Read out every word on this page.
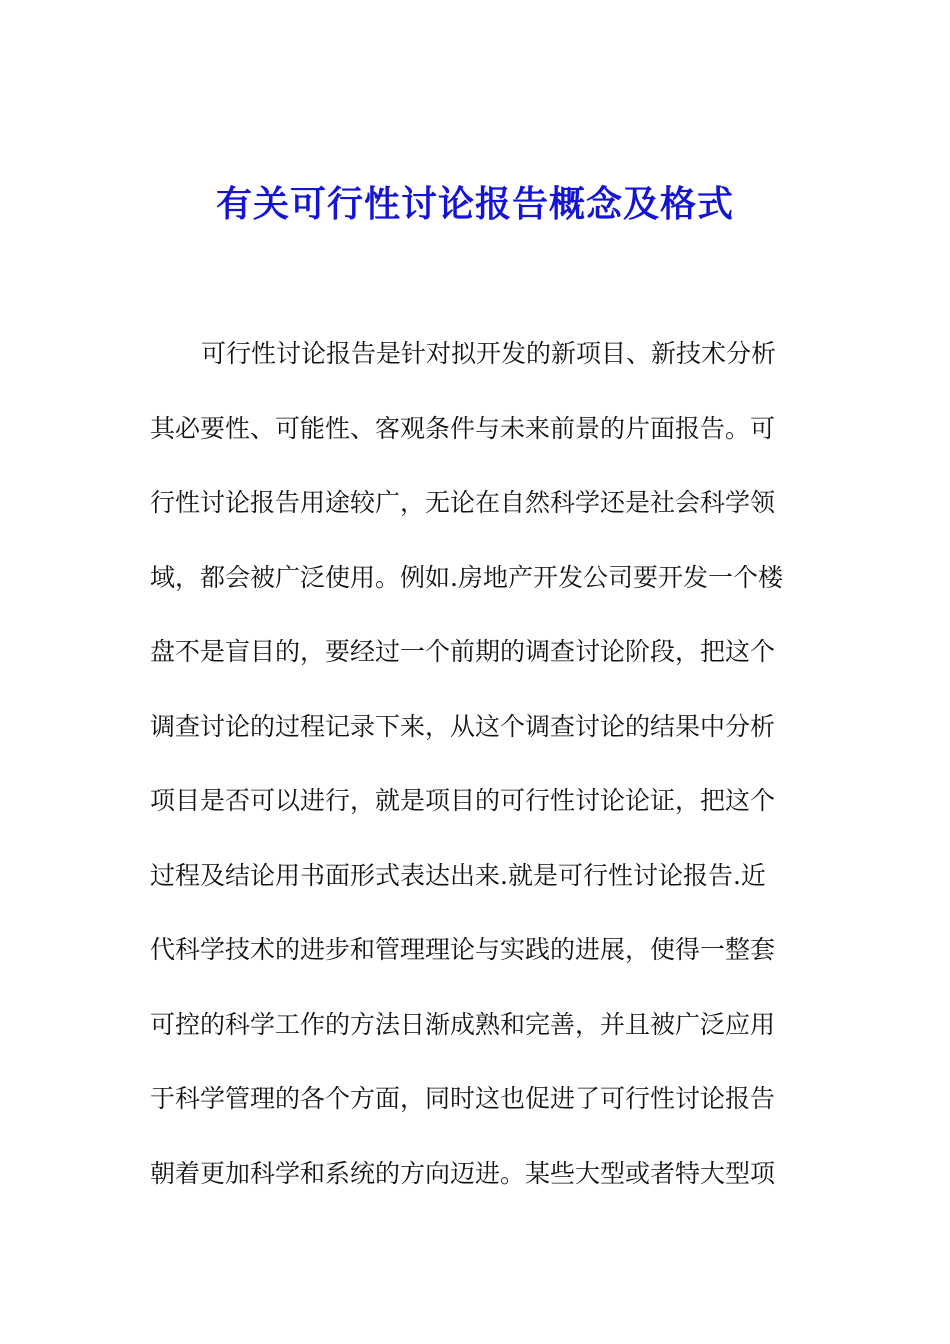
有关可行性讨论报告概念及格式
可行性讨论报告是针对拟开发的新项目、新技术分析
其必要性、可能性、客观条件与未来前景的片面报告。可
行性讨论报告用途较广，无论在自然科学还是社会科学领
域，都会被广泛使用。例如.房地产开发公司要开发一个楼
盘不是盲目的，要经过一个前期的调查讨论阶段，把这个
调查讨论的过程记录下来，从这个调查讨论的结果中分析
项目是否可以进行，就是项目的可行性讨论论证，把这个
过程及结论用书面形式表达出来.就是可行性讨论报告.近
代科学技术的进步和管理理论与实践的进展，使得一整套
可控的科学工作的方法日渐成熟和完善，并且被广泛应用
于科学管理的各个方面，同时这也促进了可行性讨论报告
朝着更加科学和系统的方向迈进。某些大型或者特大型项
